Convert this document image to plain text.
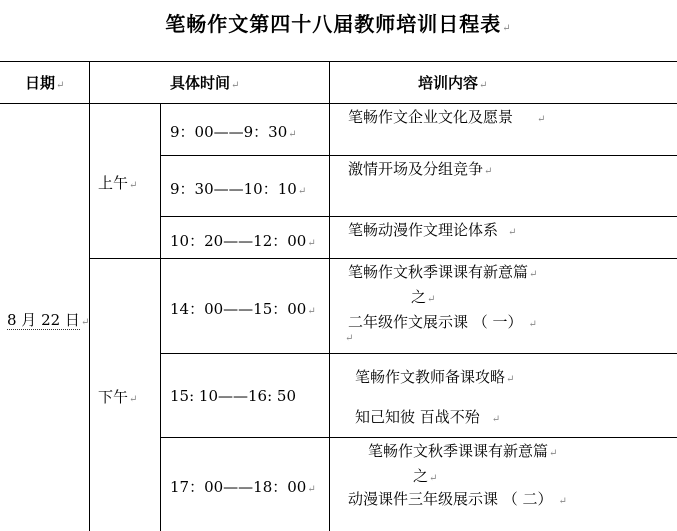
笔畅作文第四十八届教师培训日程表↵
日期↵	具体时间↵	培训内容↵
8 月 22 日↵
上午↵
下午↵
9：00——9：30↵
9：30——10：10↵
10：20——12：00↵
14：00——15：00↵
15: 10——16: 50
17：00——18：00↵
笔畅作文企业文化及愿景 ↵
激情开场及分组竞争↵
笔畅动漫作文理论体系 ↵
笔畅作文秋季课课有新意篇↵
之↵
二年级作文展示课 （ 一） ↵
↵
笔畅作文教师备课攻略↵
知己知彼 百战不殆 ↵
笔畅作文秋季课课有新意篇↵
之↵
动漫课件三年级展示课 （ 二） ↵
